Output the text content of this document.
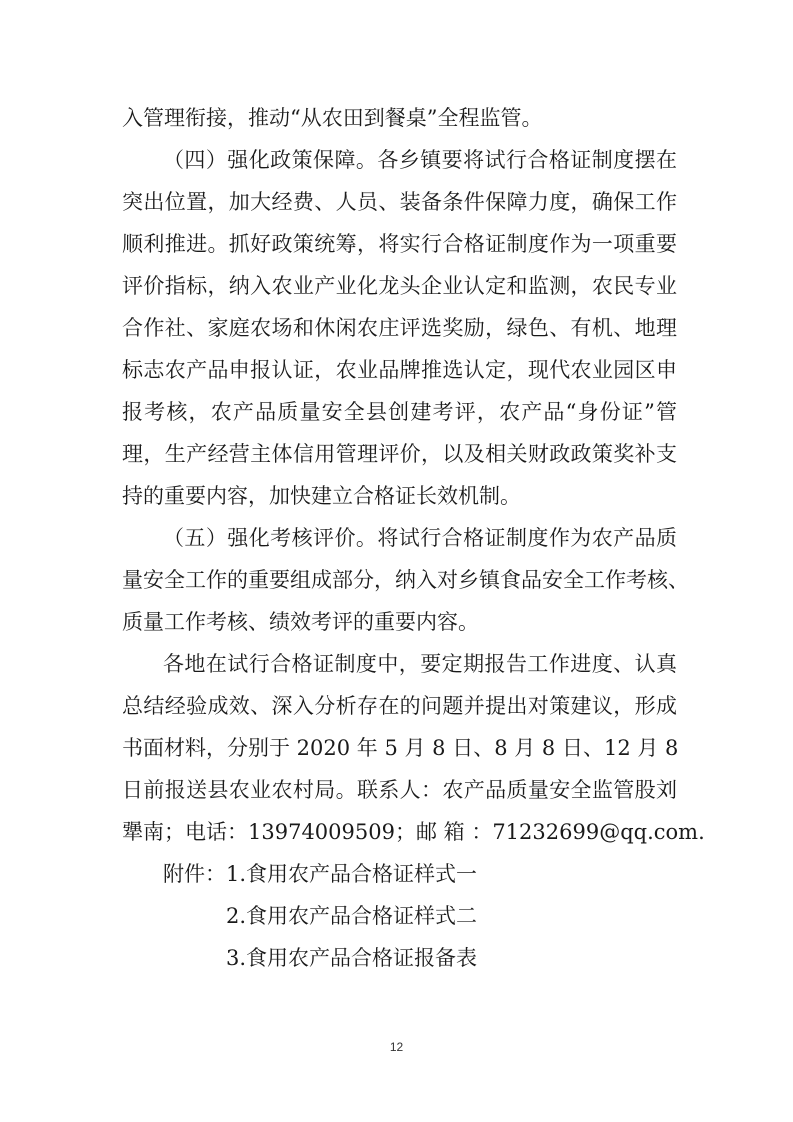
入管理衔接，推动“从农田到餐桌”全程监管。
（四）强化政策保障。各乡镇要将试行合格证制度摆在
突出位置，加大经费、人员、装备条件保障力度，确保工作
顺利推进。抓好政策统筹，将实行合格证制度作为一项重要
评价指标，纳入农业产业化龙头企业认定和监测，农民专业
合作社、家庭农场和休闲农庄评选奖励，绿色、有机、地理
标志农产品申报认证，农业品牌推选认定，现代农业园区申
报考核，农产品质量安全县创建考评，农产品“身份证”管
理，生产经营主体信用管理评价，以及相关财政政策奖补支
持的重要内容，加快建立合格证长效机制。
（五）强化考核评价。将试行合格证制度作为农产品质
量安全工作的重要组成部分，纳入对乡镇食品安全工作考核、
质量工作考核、绩效考评的重要内容。
各地在试行合格证制度中，要定期报告工作进度、认真
总结经验成效、深入分析存在的问题并提出对策建议，形成
书面材料，分别于 2020 年 5 月 8 日、8 月 8 日、12 月 8
日前报送县农业农村局。联系人：农产品质量安全监管股刘
犟南；电话：13974009509；邮 箱 ：71232699@qq.com.
附件：1.食用农产品合格证样式一
2.食用农产品合格证样式二
3.食用农产品合格证报备表
12
